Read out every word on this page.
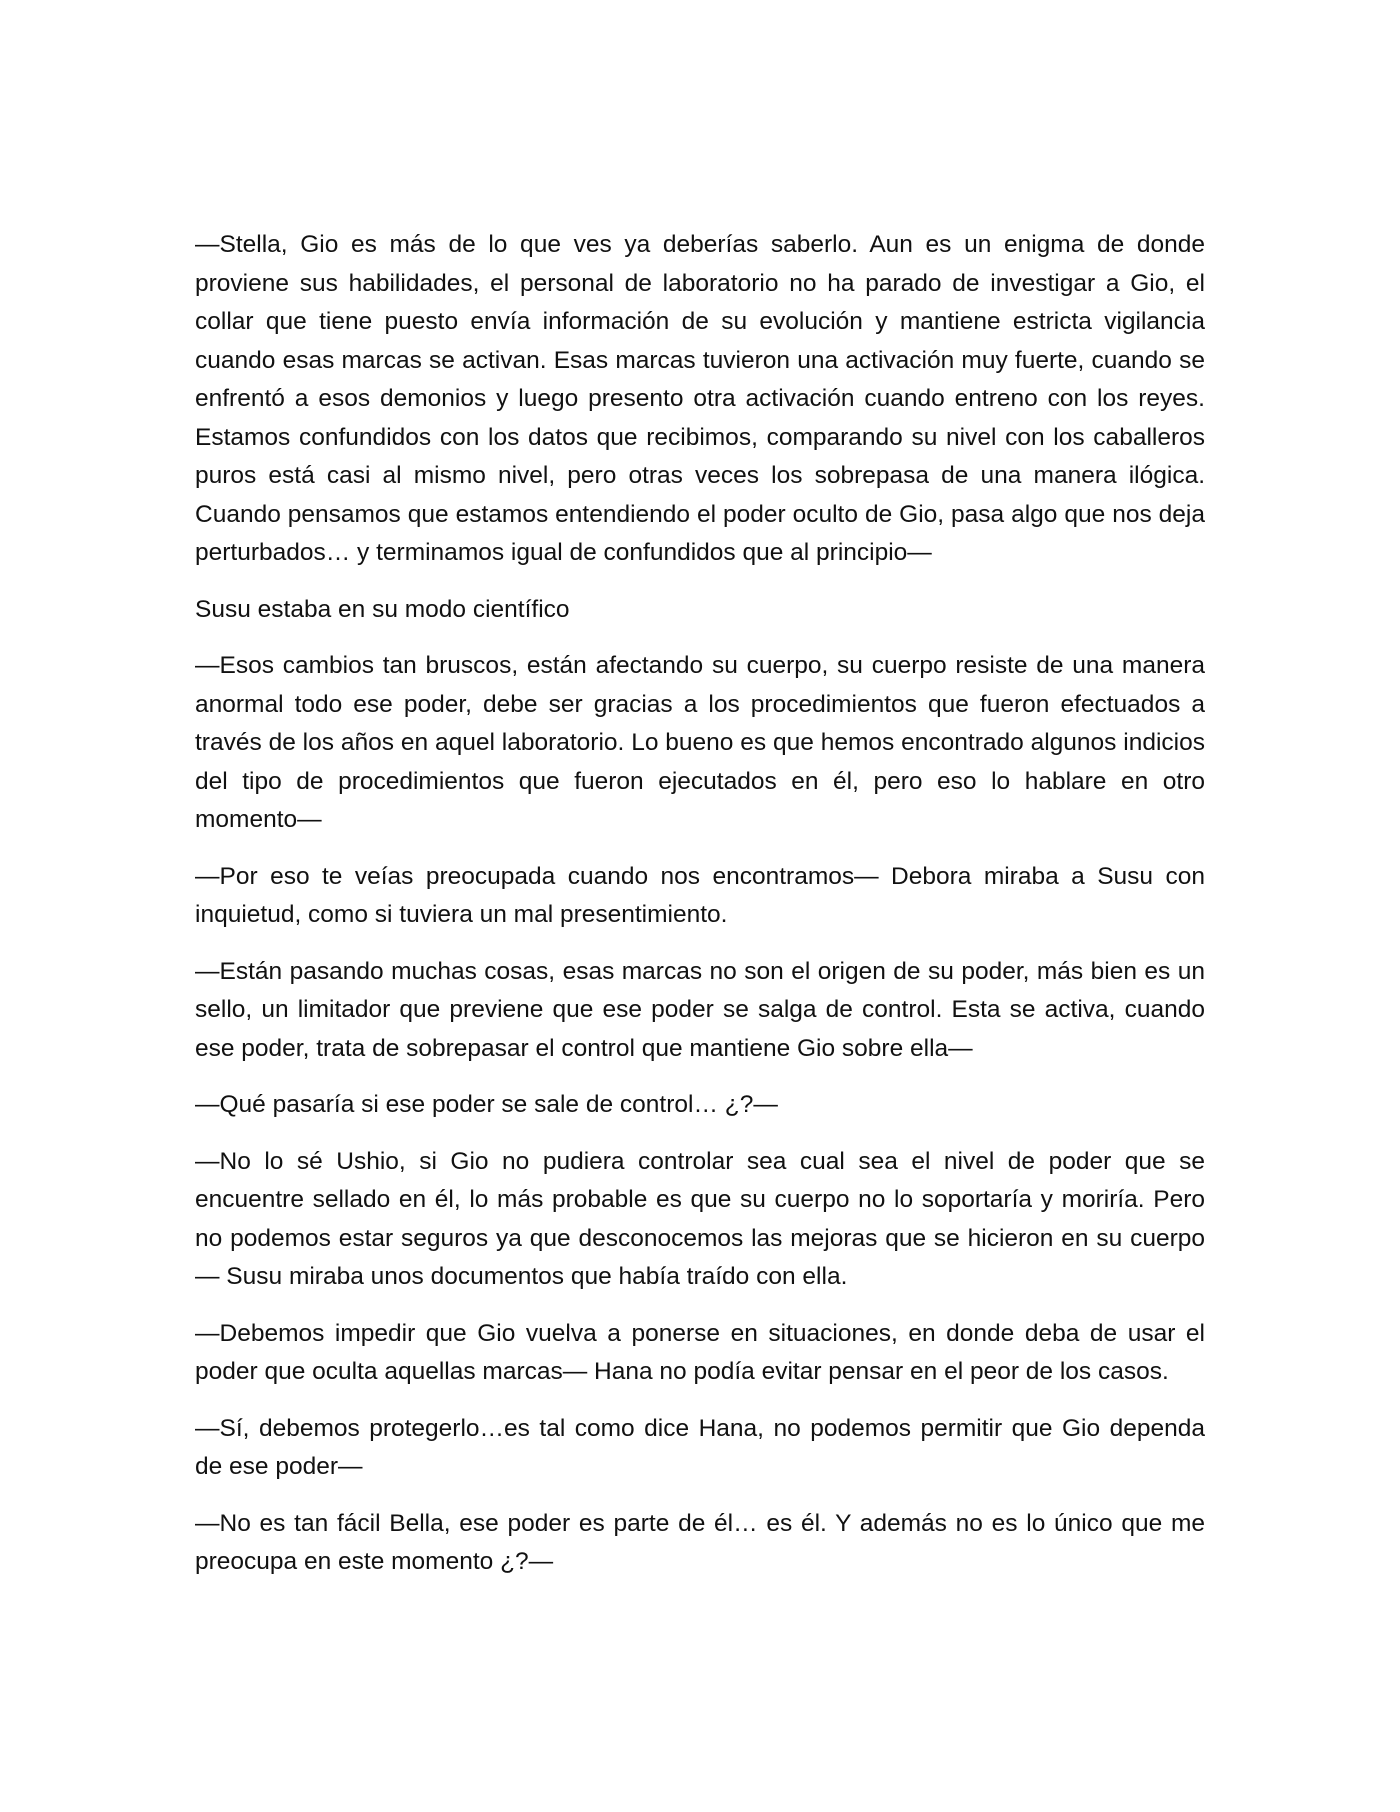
—Stella, Gio es más de lo que ves ya deberías saberlo. Aun es un enigma de donde proviene sus habilidades, el personal de laboratorio no ha parado de investigar a Gio, el collar que tiene puesto envía información de su evolución y mantiene estricta vigilancia cuando esas marcas se activan. Esas marcas tuvieron una activación muy fuerte, cuando se enfrentó a esos demonios y luego presento otra activación cuando entreno con los reyes. Estamos confundidos con los datos que recibimos, comparando su nivel con los caballeros puros está casi al mismo nivel, pero otras veces los sobrepasa de una manera ilógica. Cuando pensamos que estamos entendiendo el poder oculto de Gio, pasa algo que nos deja perturbados… y terminamos igual de confundidos que al principio—

Susu estaba en su modo científico

—Esos cambios tan bruscos, están afectando su cuerpo, su cuerpo resiste de una manera anormal todo ese poder, debe ser gracias a los procedimientos que fueron efectuados a través de los años en aquel laboratorio. Lo bueno es que hemos encontrado algunos indicios del tipo de procedimientos que fueron ejecutados en él, pero eso lo hablare en otro momento—

—Por eso te veías preocupada cuando nos encontramos— Debora miraba a Susu con inquietud, como si tuviera un mal presentimiento.

—Están pasando muchas cosas, esas marcas no son el origen de su poder, más bien es un sello, un limitador que previene que ese poder se salga de control. Esta se activa, cuando ese poder, trata de sobrepasar el control que mantiene Gio sobre ella—

—Qué pasaría si ese poder se sale de control… ¿?—

—No lo sé Ushio, si Gio no pudiera controlar sea cual sea el nivel de poder que se encuentre sellado en él, lo más probable es que su cuerpo no lo soportaría y moriría. Pero no podemos estar seguros ya que desconocemos las mejoras que se hicieron en su cuerpo— Susu miraba unos documentos que había traído con ella.

—Debemos impedir que Gio vuelva a ponerse en situaciones, en donde deba de usar el poder que oculta aquellas marcas— Hana no podía evitar pensar en el peor de los casos.

—Sí, debemos protegerlo…es tal como dice Hana, no podemos permitir que Gio dependa de ese poder—

—No es tan fácil Bella, ese poder es parte de él… es él. Y además no es lo único que me preocupa en este momento ¿?—
